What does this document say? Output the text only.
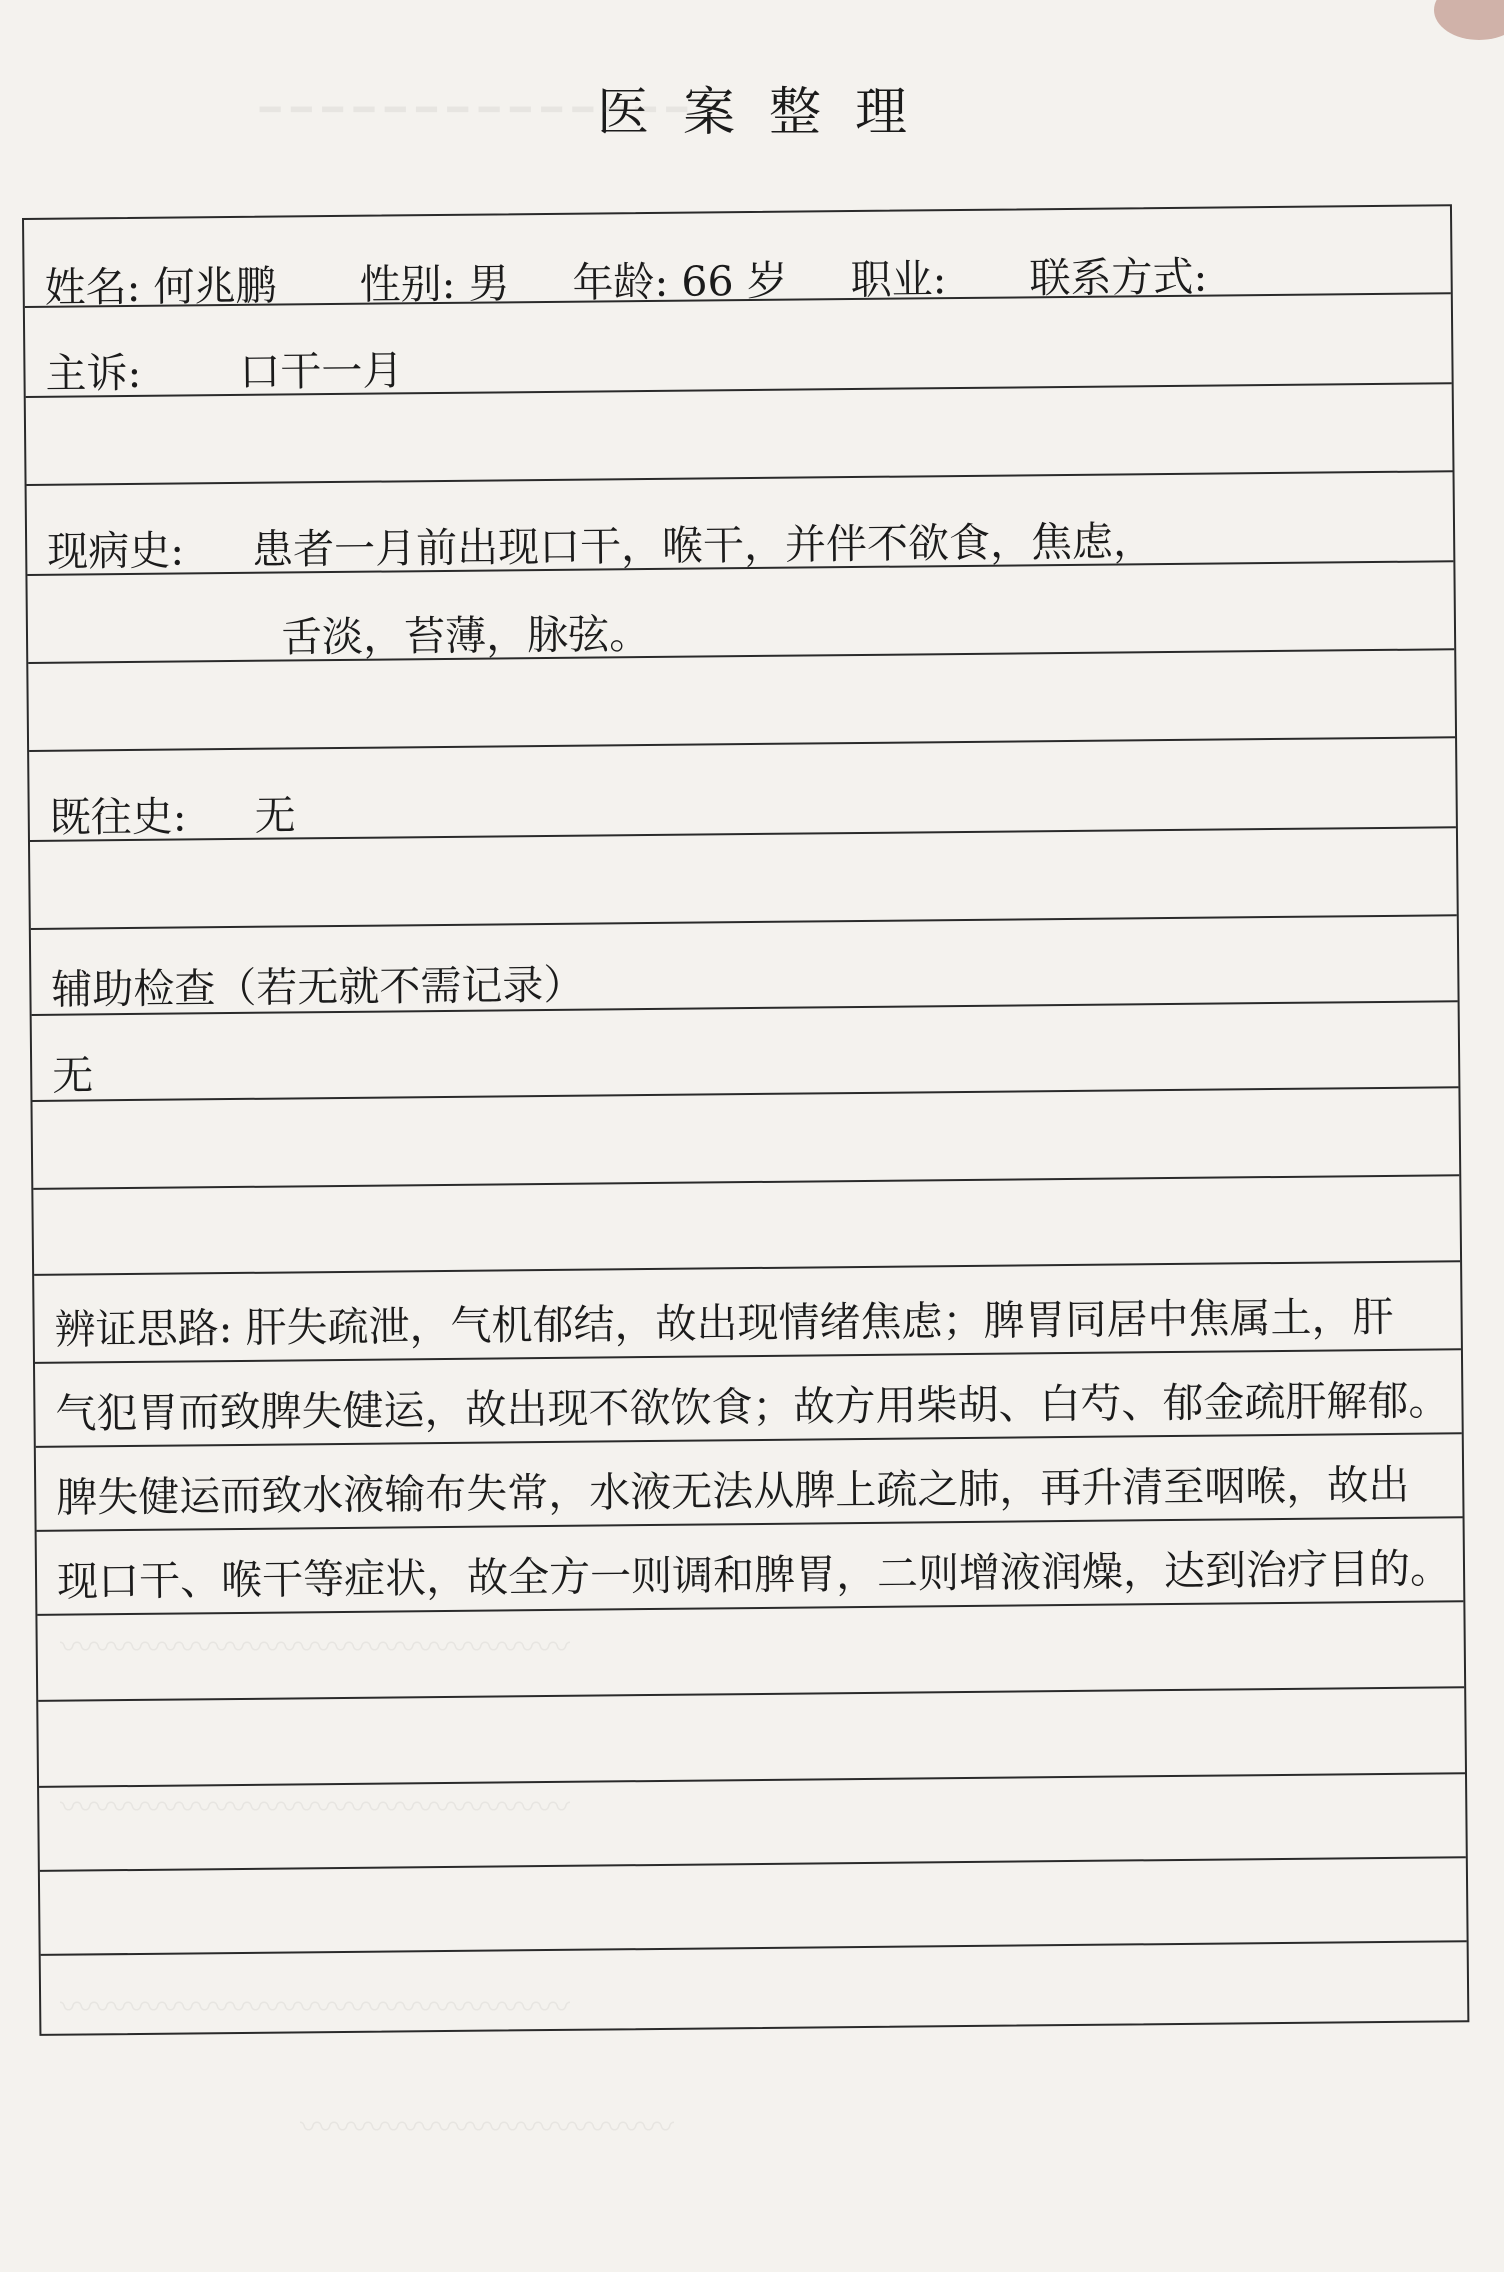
医案整理
━ ━ ━ ━ ━ ━ ━ ━ ━ ━ ━ ━ ━ ━
〰〰〰〰〰〰〰〰〰〰〰〰〰〰〰
〰〰〰〰〰〰〰〰〰〰〰〰〰〰〰
〰〰〰〰〰〰〰〰〰〰〰〰〰〰〰
〰〰〰〰〰〰〰〰〰〰〰
姓名: 何兆鹏 性别: 男 年龄: 66 岁 职业: 联系方式:
主诉: 口干一月
现病史: 患者一月前出现口干，喉干，并伴不欲食，焦虑，
舌淡，苔薄，脉弦。
既往史: 无
辅助检查（若无就不需记录）
无
辨证思路: 肝失疏泄，气机郁结，故出现情绪焦虑；脾胃同居中焦属土，肝
气犯胃而致脾失健运，故出现不欲饮食；故方用柴胡、白芍、郁金疏肝解郁。
脾失健运而致水液输布失常，水液无法从脾上疏之肺，再升清至咽喉，故出
现口干、喉干等症状，故全方一则调和脾胃，二则增液润燥，达到治疗目的。
